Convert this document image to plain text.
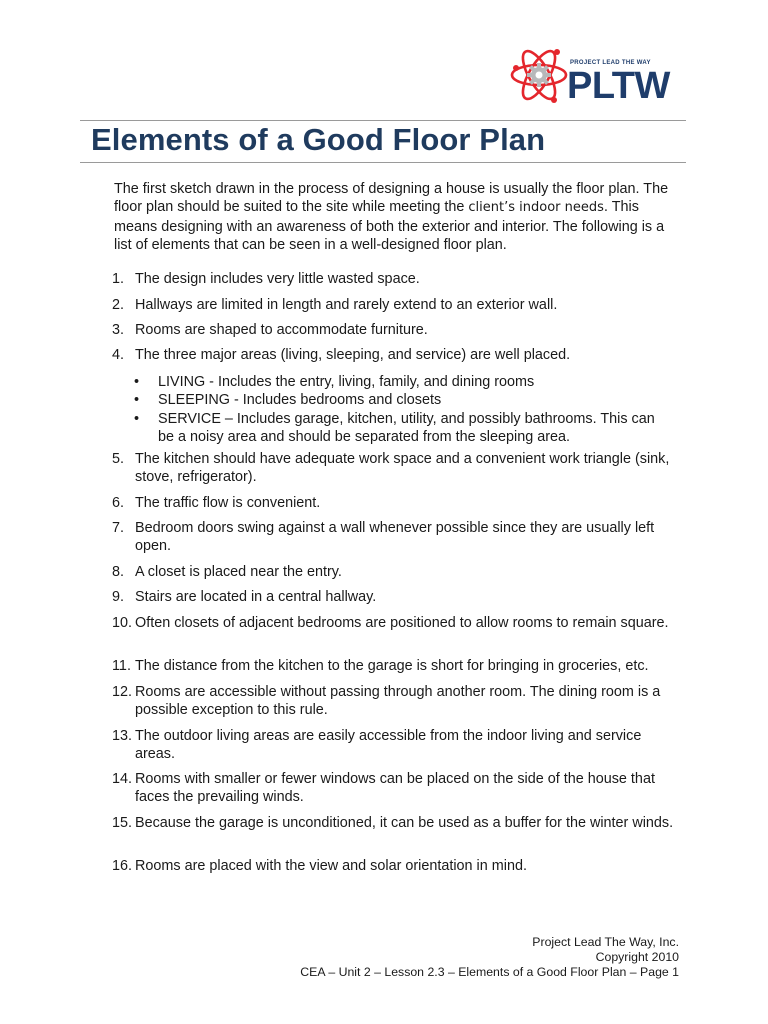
PROJECT LEAD THE WAY
PLTW
Elements of a Good Floor Plan

The first sketch drawn in the process of designing a house is usually the floor plan. The floor plan should be suited to the site while meeting the client’s indoor needs. This means designing with an awareness of both the exterior and interior. The following is a list of elements that can be seen in a well-designed floor plan.

1. The design includes very little wasted space.
2. Hallways are limited in length and rarely extend to an exterior wall.
3. Rooms are shaped to accommodate furniture.
4. The three major areas (living, sleeping, and service) are well placed.
• LIVING - Includes the entry, living, family, and dining rooms
• SLEEPING - Includes bedrooms and closets
• SERVICE – Includes garage, kitchen, utility, and possibly bathrooms. This can be a noisy area and should be separated from the sleeping area.
5. The kitchen should have adequate work space and a convenient work triangle (sink, stove, refrigerator).
6. The traffic flow is convenient.
7. Bedroom doors swing against a wall whenever possible since they are usually left open.
8. A closet is placed near the entry.
9. Stairs are located in a central hallway.
10. Often closets of adjacent bedrooms are positioned to allow rooms to remain square.
11. The distance from the kitchen to the garage is short for bringing in groceries, etc.
12. Rooms are accessible without passing through another room. The dining room is a possible exception to this rule.
13. The outdoor living areas are easily accessible from the indoor living and service areas.
14. Rooms with smaller or fewer windows can be placed on the side of the house that faces the prevailing winds.
15. Because the garage is unconditioned, it can be used as a buffer for the winter winds.
16. Rooms are placed with the view and solar orientation in mind.
Project Lead The Way, Inc.
Copyright 2010
CEA – Unit 2 – Lesson 2.3 – Elements of a Good Floor Plan – Page 1
